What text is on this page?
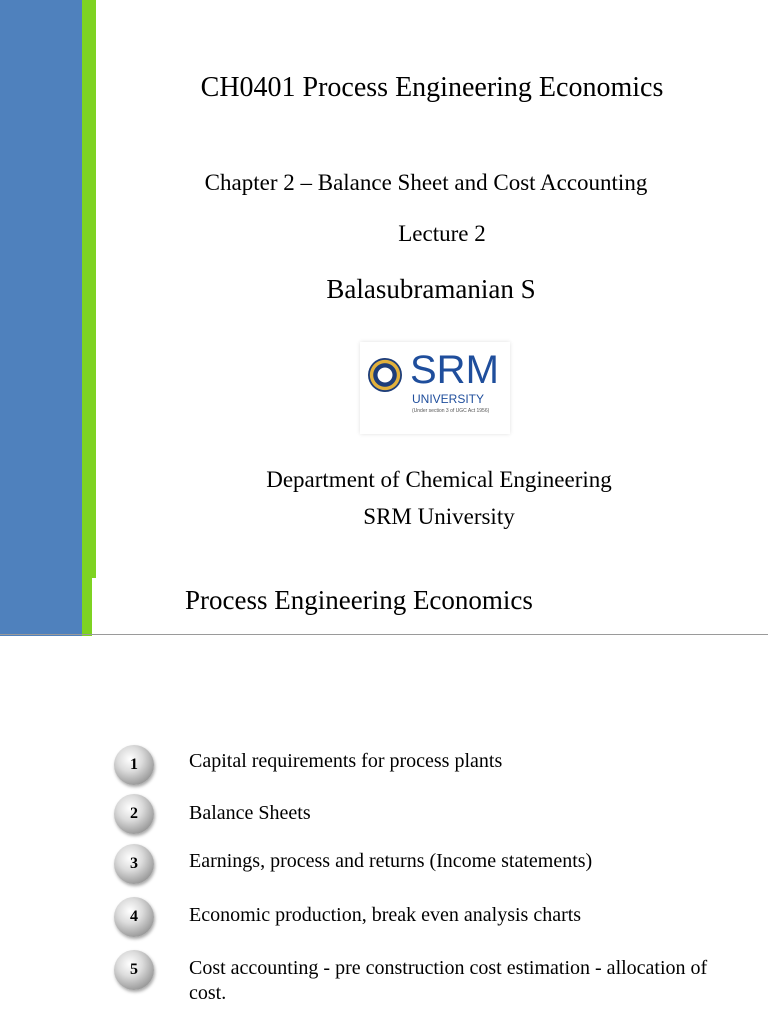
CH0401 Process Engineering Economics
Chapter 2 – Balance Sheet and Cost Accounting
Lecture 2
Balasubramanian S
SRM
UNIVERSITY
(Under section 3 of UGC Act 1956)
Department of Chemical Engineering
SRM University
Process Engineering Economics
1	Capital requirements for process plants
2	Balance Sheets
3	Earnings, process and returns (Income statements)
4	Economic production, break even analysis charts
5	Cost accounting - pre construction cost estimation - allocation of cost.
